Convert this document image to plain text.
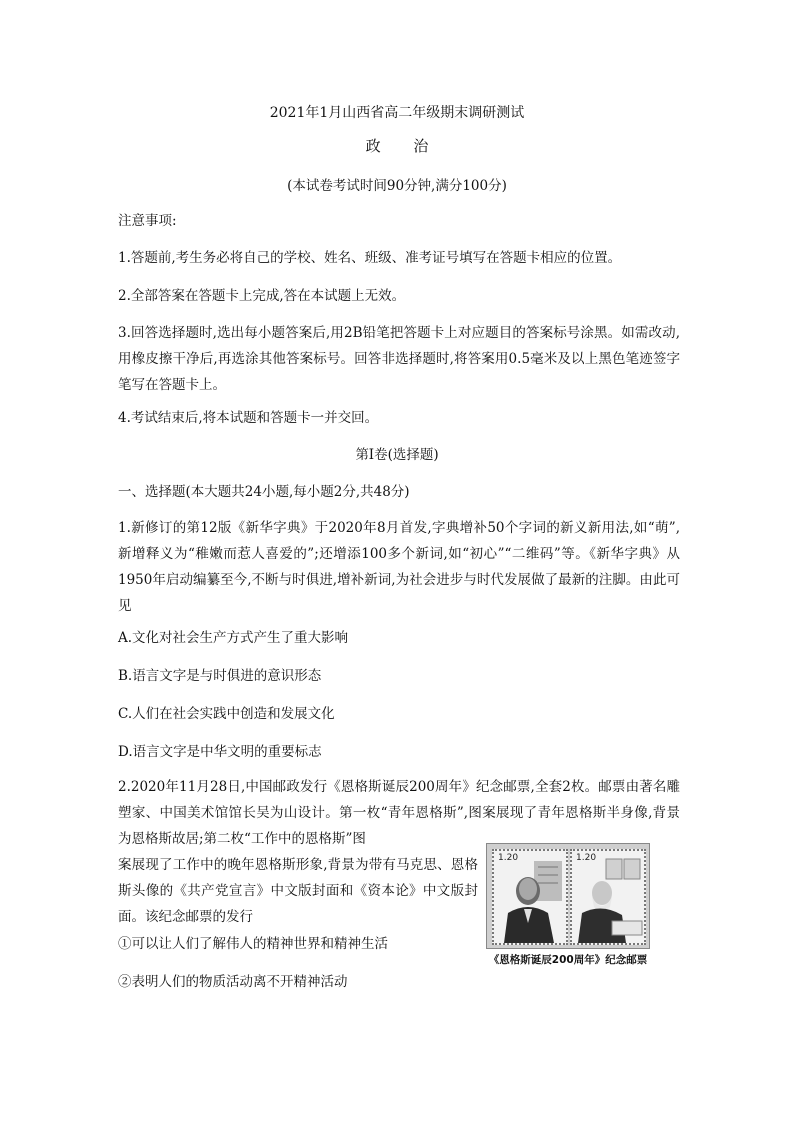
2021年1月山西省高二年级期末调研测试
政 治
(本试卷考试时间90分钟,满分100分)
注意事项:
1.答题前,考生务必将自己的学校、姓名、班级、准考证号填写在答题卡相应的位置。
2.全部答案在答题卡上完成,答在本试题上无效。
3.回答选择题时,选出每小题答案后,用2B铅笔把答题卡上对应题目的答案标号涂黑。如需改动,用橡皮擦干净后,再选涂其他答案标号。回答非选择题时,将答案用0.5毫米及以上黑色笔迹签字笔写在答题卡上。
4.考试结束后,将本试题和答题卡一并交回。
第Ⅰ卷(选择题)
一、选择题(本大题共24小题,每小题2分,共48分)
1.新修订的第12版《新华字典》于2020年8月首发,字典增补50个字词的新义新用法,如“萌”,新增释义为“稚嫩而惹人喜爱的”;还增添100多个新词,如“初心”“二维码”等。《新华字典》从1950年启动编纂至今,不断与时俱进,增补新词,为社会进步与时代发展做了最新的注脚。由此可见
A.文化对社会生产方式产生了重大影响
B.语言文字是与时俱进的意识形态
C.人们在社会实践中创造和发展文化
D.语言文字是中华文明的重要标志
2.2020年11月28日,中国邮政发行《恩格斯诞辰200周年》纪念邮票,全套2枚。邮票由著名雕塑家、中国美术馆馆长吴为山设计。第一枚“青年恩格斯”,图案展现了青年恩格斯半身像,背景为恩格斯故居;第二枚“工作中的恩格斯”图
案展现了工作中的晚年恩格斯形象,背景为带有马克思、恩格斯头像的《共产党宣言》中文版封面和《资本论》中文版封面。该纪念邮票的发行
①可以让人们了解伟人的精神世界和精神生活
②表明人们的物质活动离不开精神活动
1.20	1.20
《恩格斯诞辰200周年》纪念邮票
